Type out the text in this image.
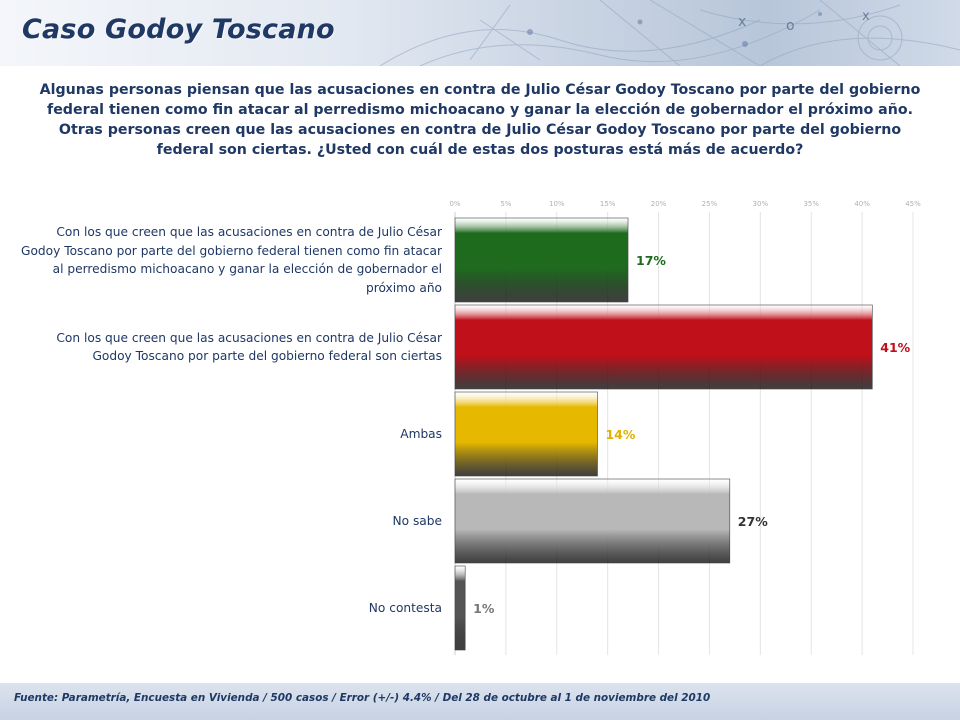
x	o
x
Caso Godoy Toscano
Algunas personas piensan que las acusaciones en contra de Julio César Godoy Toscano por parte del gobierno federal tienen como fin atacar al perredismo michoacano y ganar la elección de gobernador el próximo año. Otras personas creen que las acusaciones en contra de Julio César Godoy Toscano por parte del gobierno federal son ciertas. ¿Usted con cuál de estas dos posturas está más de acuerdo?
Con los que creen que las acusaciones en contra de Julio César Godoy Toscano por parte del gobierno federal tienen como fin atacar al perredismo michoacano y ganar la elección de gobernador el próximo año
Con los que creen que las acusaciones en contra de Julio César Godoy Toscano por parte del gobierno federal son ciertas
Ambas
No sabe
No contesta
0%	5%	10%	15%	20%	25%	30%	35%	40%	45%
17%
41%
14%
27%
1%
Fuente: Parametría, Encuesta en Vivienda / 500 casos / Error (+/-) 4.4% / Del 28 de octubre al 1 de noviembre del 2010
